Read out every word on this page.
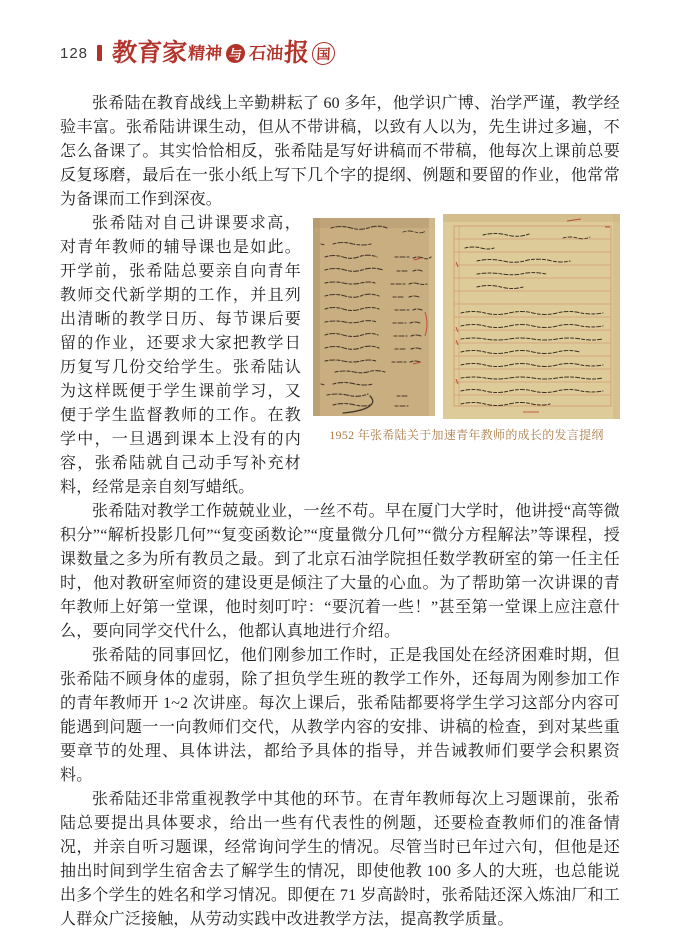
128 教育家 精神 与 石油 报 国

张希陆在教育战线上辛勤耕耘了 60 多年，他学识广博、治学严谨，教学经验丰富。张希陆讲课生动，但从不带讲稿，以致有人以为，先生讲过多遍，不怎么备课了。其实恰恰相反，张希陆是写好讲稿而不带稿，他每次上课前总要反复琢磨，最后在一张小纸上写下几个字的提纲、例题和要留的作业，他常常为备课而工作到深夜。

1952 年张希陆关于加速青年教师的成长的发言提纲

张希陆对自己讲课要求高，对青年教师的辅导课也是如此。开学前，张希陆总要亲自向青年教师交代新学期的工作，并且列出清晰的教学日历、每节课后要留的作业，还要求大家把教学日历复写几份交给学生。张希陆认为这样既便于学生课前学习，又便于学生监督教师的工作。在教学中，一旦遇到课本上没有的内容，张希陆就自己动手写补充材料，经常是亲自刻写蜡纸。

张希陆对教学工作兢兢业业，一丝不苟。早在厦门大学时，他讲授“高等微积分”“解析投影几何”“复变函数论”“度量微分几何”“微分方程解法”等课程，授课数量之多为所有教员之最。到了北京石油学院担任数学教研室的第一任主任时，他对教研室师资的建设更是倾注了大量的心血。为了帮助第一次讲课的青年教师上好第一堂课，他时刻叮咛：“要沉着一些！”甚至第一堂课上应注意什么，要向同学交代什么，他都认真地进行介绍。

张希陆的同事回忆，他们刚参加工作时，正是我国处在经济困难时期，但张希陆不顾身体的虚弱，除了担负学生班的教学工作外，还每周为刚参加工作的青年教师开 1~2 次讲座。每次上课后，张希陆都要将学生学习这部分内容可能遇到问题一一向教师们交代，从教学内容的安排、讲稿的检查，到对某些重要章节的处理、具体讲法，都给予具体的指导，并告诫教师们要学会积累资料。

张希陆还非常重视教学中其他的环节。在青年教师每次上习题课前，张希陆总要提出具体要求，给出一些有代表性的例题，还要检查教师们的准备情况，并亲自听习题课，经常询问学生的情况。尽管当时已年过六旬，但他是还抽出时间到学生宿舍去了解学生的情况，即使他教 100 多人的大班，也总能说出多个学生的姓名和学习情况。即便在 71 岁高龄时，张希陆还深入炼油厂和工人群众广泛接触，从劳动实践中改进教学方法，提高教学质量。
